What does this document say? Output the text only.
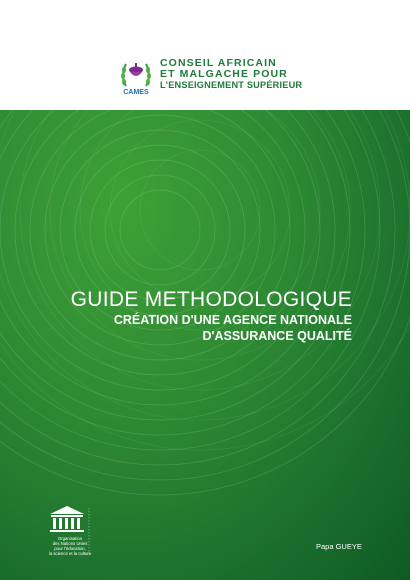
CAMES
CONSEIL AFRICAIN
ET MALGACHE POUR
L'ENSEIGNEMENT SUPÉRIEUR
GUIDE METHODOLOGIQUE
CRÉATION D'UNE AGENCE NATIONALE
D'ASSURANCE QUALITÉ
Organisation
des Nations Unies
pour l'éducation,
la science et la culture
Papa GUEYE
